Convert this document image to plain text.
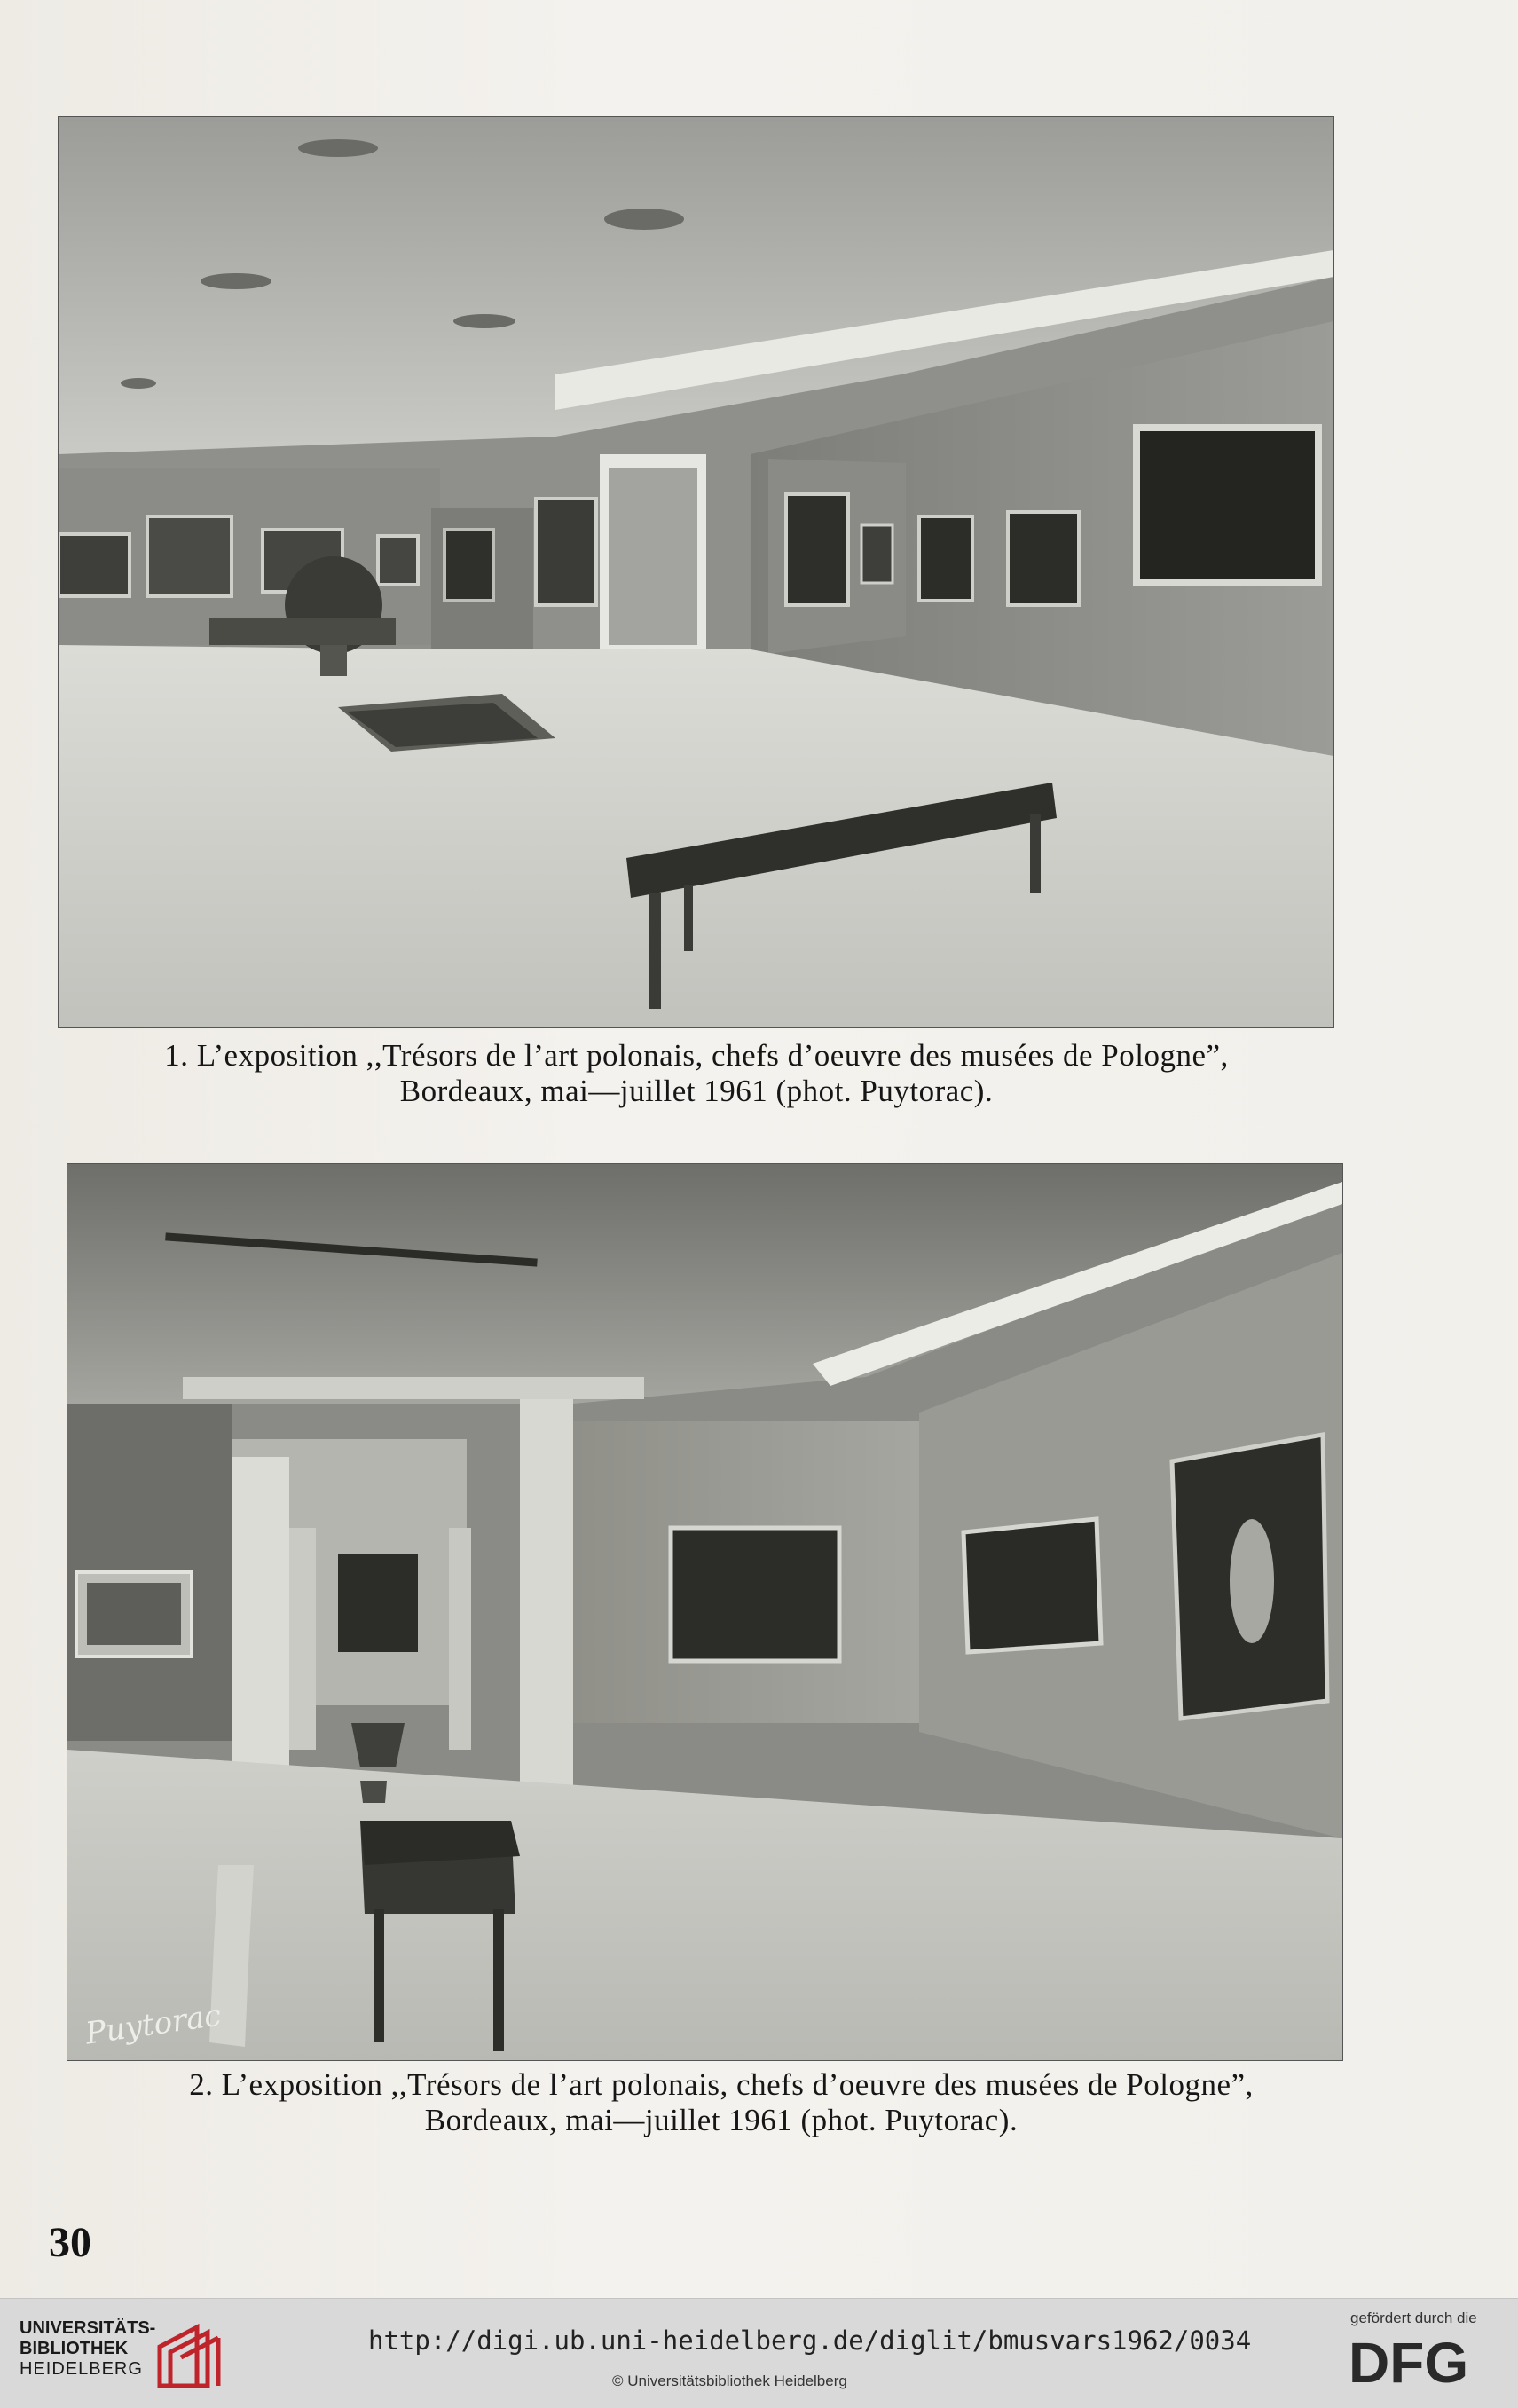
1. L’exposition ,,Trésors de l’art polonais, chefs d’oeuvre des musées de Pologne”,
Bordeaux, mai—juillet 1961 (phot. Puytorac).
Puytorac
2. L’exposition ,,Trésors de l’art polonais, chefs d’oeuvre des musées de Pologne”,
Bordeaux, mai—juillet 1961 (phot. Puytorac).
30
UNIVERSITÄTS-
BIBLIOTHEK
HEIDELBERG
http://digi.ub.uni-heidelberg.de/diglit/bmusvars1962/0034
© Universitätsbibliothek Heidelberg
gefördert durch die
DFG
